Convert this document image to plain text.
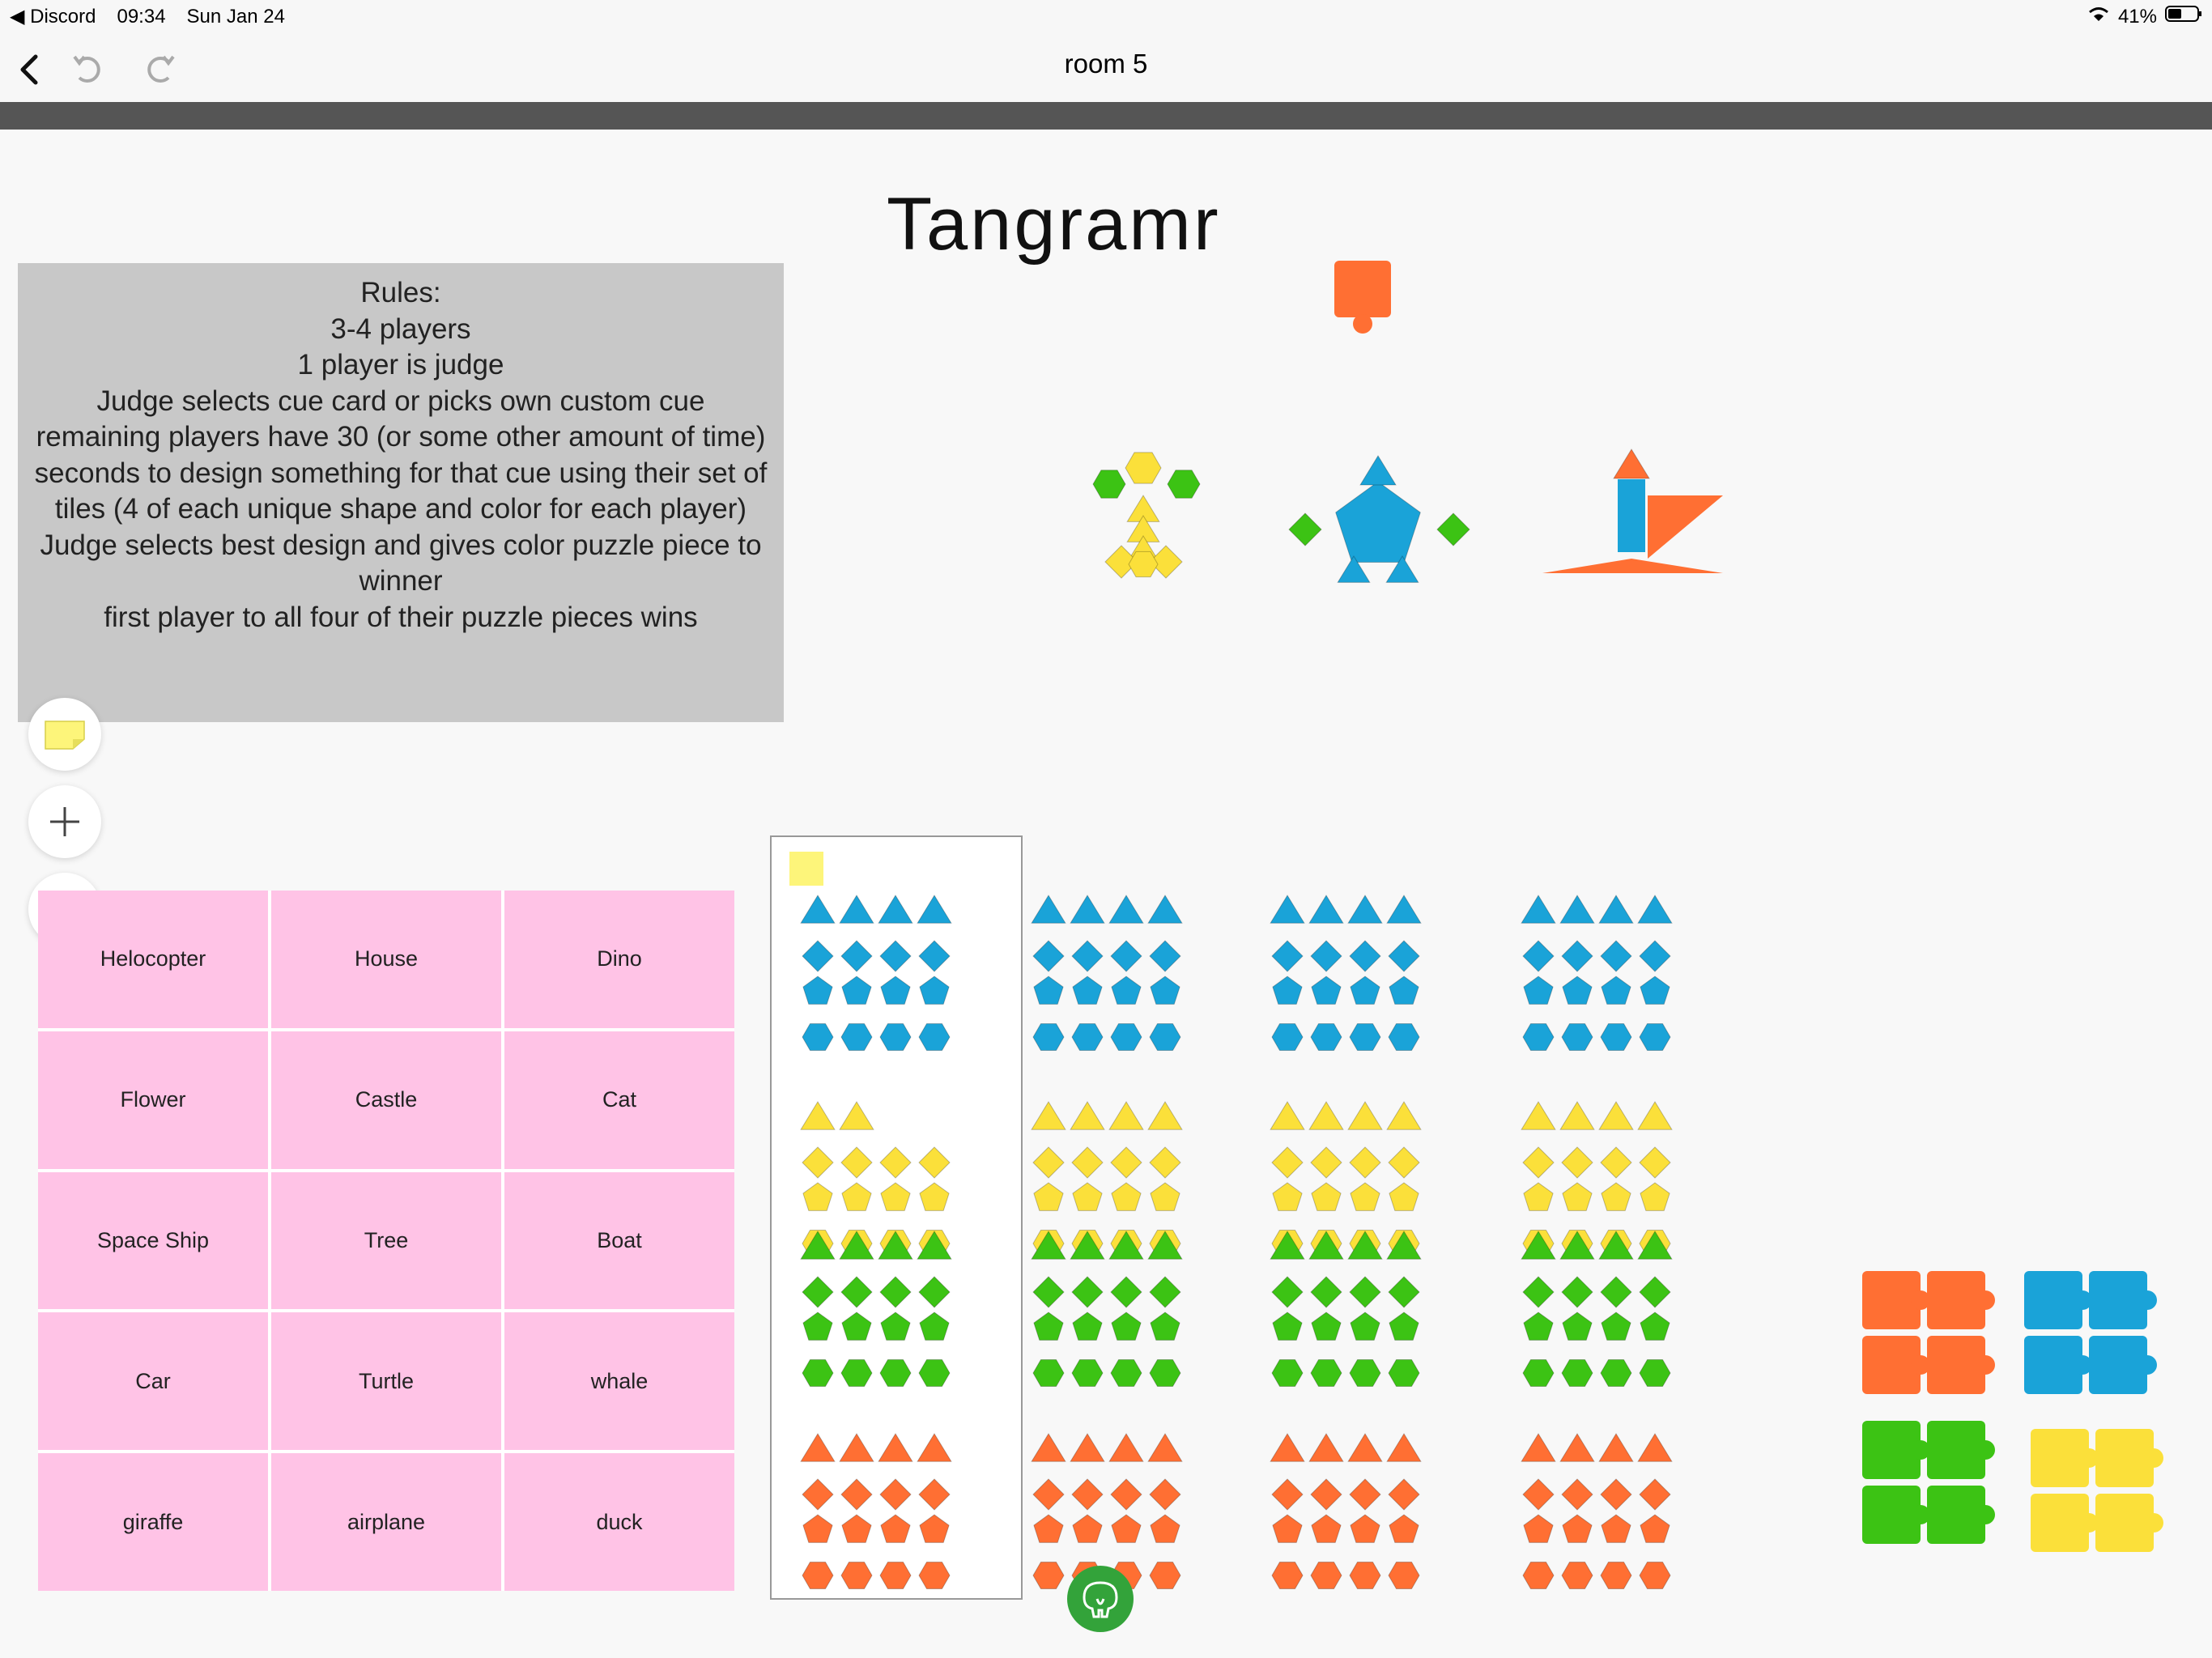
◀ Discord 09:34 Sun Jan 24	41%
room 5
Rules:
3-4 players
1 player is judge
Judge selects cue card or picks own custom cue
remaining players have 30 (or some other amount of time)
seconds to design something for that cue using their set of tiles (4 of each unique shape and color for each player)
Judge selects best design and gives color puzzle piece to winner
first player to all four of their puzzle pieces wins
Tangramr
Helocopter	House	Dino
Flower	Castle	Cat
Space Ship	Tree	Boat
Car	Turtle	whale
giraffe	airplane	duck
